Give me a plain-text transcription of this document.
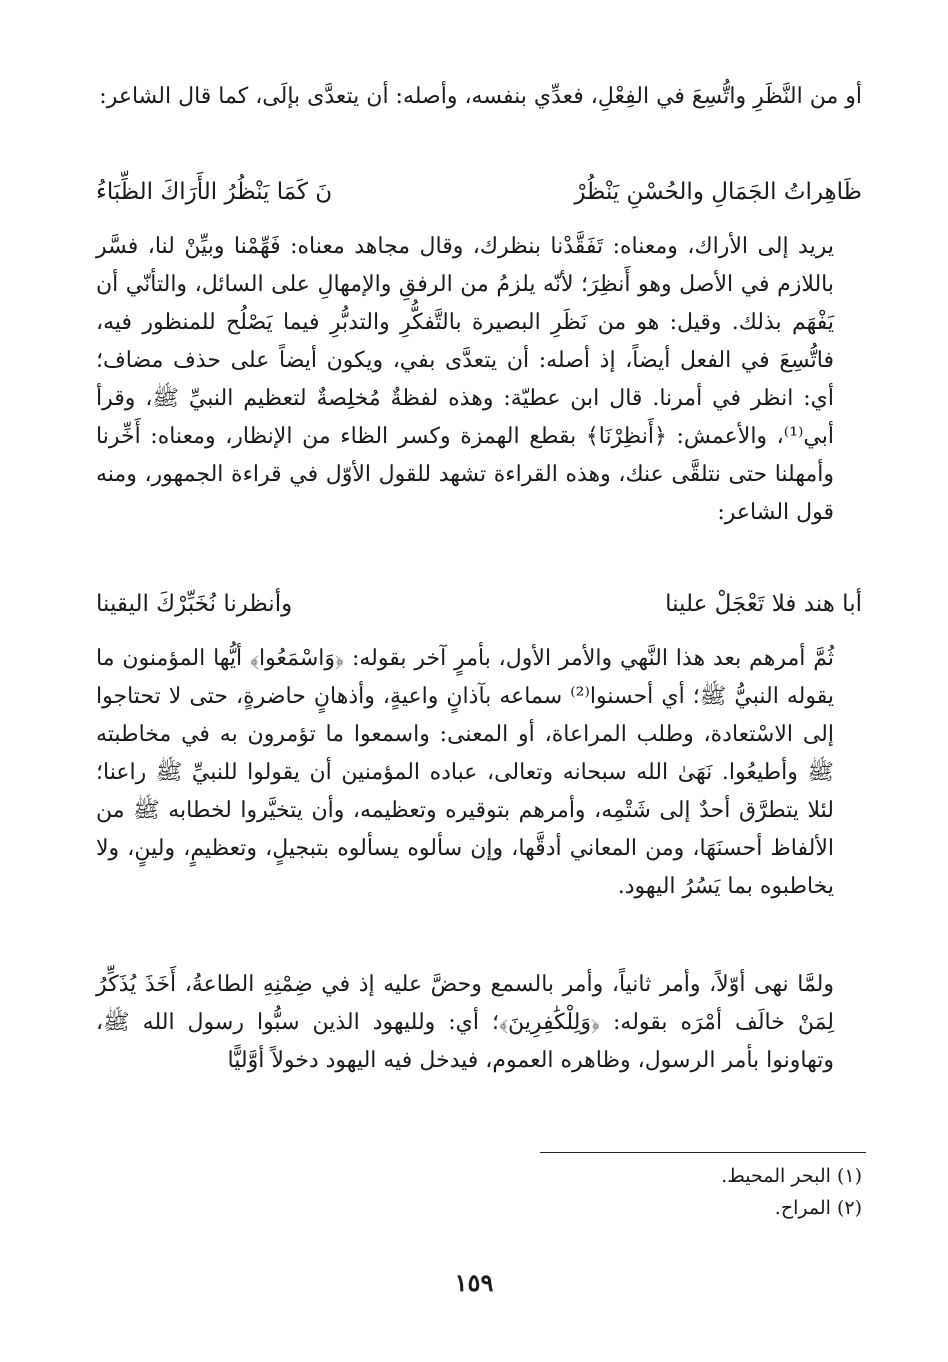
أو من النَّظَرِ واتُّسِعَ في الفِعْلِ، فعدِّي بنفسه، وأصله: أن يتعدَّى بإلَى، كما قال الشاعر:

ظَاهِراتُ الجَمَالِ والحُسْنِ يَنْظُرْ
نَ كَمَا يَنْظُرُ الأَرَاكَ الظِّبَاءُ

يريد إلى الأراك، ومعناه: تَفَقَّدْنا بنظرك، وقال مجاهد معناه: فَهِّمْنا وبيِّنْ لنا، فسَّر باللازم في الأصل وهو أَنظِرَ؛ لأنّه يلزمُ من الرفقِ والإمهالِ على السائل، والتأنّي أن يَفْهَم بذلك. وقيل: هو من نَظَرِ البصيرة بالتَّفكُّرِ والتدبُّرِ فيما يَصْلُح للمنظور فيه، فاتُّسِعَ في الفعل أيضاً، إذ أصله: أن يتعدَّى بفي، ويكون أيضاً على حذف مضاف؛ أي: انظر في أمرنا. قال ابن عطيّة: وهذه لفظةٌ مُخلِصةٌ لتعظيم النبيِّ ﷺ، وقرأ أبي⁽¹⁾، والأعمش: ﴿أَنظِرْنَا﴾ بقطع الهمزة وكسر الظاء من الإنظار، ومعناه: أَخِّرنا وأمهلنا حتى نتلقَّى عنك، وهذه القراءة تشهد للقول الأوّل في قراءة الجمهور، ومنه قول الشاعر:

أبا هند فلا تَعْجَلْ علينا
وأنظرنا نُخَبِّرْكَ اليقينا

ثُمَّ أمرهم بعد هذا النَّهي والأمر الأول، بأمرٍ آخر بقوله: ﴿وَاسْمَعُوا﴾ أيُّها المؤمنون ما يقوله النبيُّ ﷺ؛ أي أحسنوا⁽²⁾ سماعه بآذانٍ واعيةٍ، وأذهانٍ حاضرةٍ، حتى لا تحتاجوا إلى الاسْتعادة، وطلب المراعاة، أو المعنى: واسمعوا ما تؤمرون به في مخاطبته ﷺ وأطيعُوا. نَهَىٰ الله سبحانه وتعالى، عباده المؤمنين أن يقولوا للنبيِّ ﷺ راعنا؛ لئلا يتطرَّق أحدٌ إلى شَتْمِه، وأمرهم بتوقيره وتعظيمه، وأن يتخيَّروا لخطابه ﷺ من الألفاظ أحسنَهَا، ومن المعاني أدقَّها، وإن سألوه يسألوه بتبجيلٍ، وتعظيمٍ، ولينٍ، ولا يخاطبوه بما يَسُرُ اليهود.

ولمَّا نهى أوّلاً، وأمر ثانياً، وأمر بالسمع وحضَّ عليه إذ في ضِمْنِهِ الطاعةُ، أَخَذَ يُذَكِّرُ لِمَنْ خالَف أمْرَه بقوله: ﴿وَلِلْكَٰفِرِينَ﴾؛ أي: ولليهود الذين سبُّوا رسول الله ﷺ، وتهاونوا بأمر الرسول، وظاهره العموم، فيدخل فيه اليهود دخولاً أوَّليًّا

(١) البحر المحيط.
(٢) المراح.
١٥٩
